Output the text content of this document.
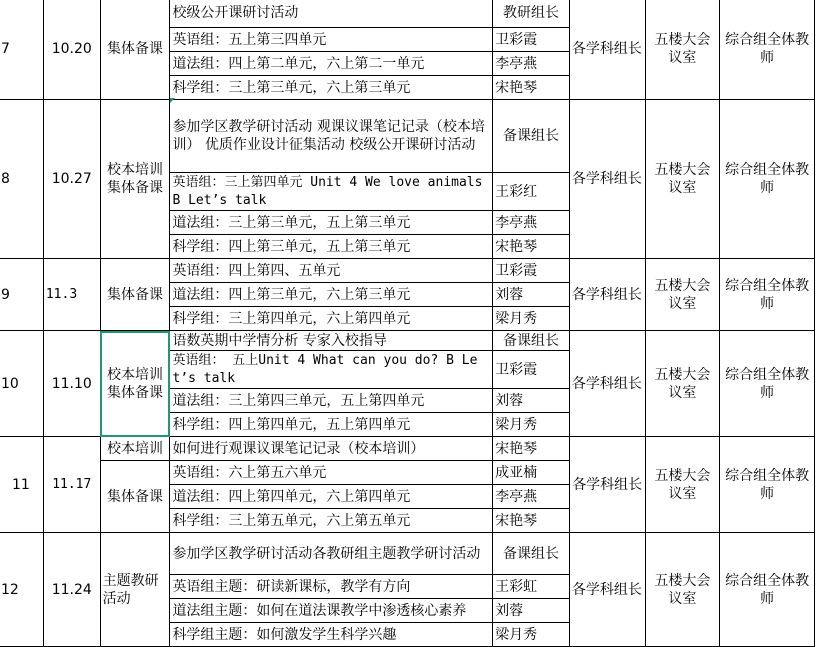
7	10.20	集体备课	校级公开课研讨活动	教研组长	各学科组长	五楼大会议室	综合组全体教师
			英语组：五上第三四单元	卫彩霞			
			道法组：四上第二单元，六上第二一单元	李亭燕			
			科学组：三上第三单元，六上第三单元	宋艳琴			
8	10.27	校本培训集体备课	参加学区教学研讨活动 观课议课笔记记录（校本培训） 优质作业设计征集活动 校级公开课研讨活动	备课组长	各学科组长	五楼大会议室	综合组全体教师
			英语组：三上第四单元 Unit 4 We love animals B Let’s talk	王彩红			
			道法组：三上第三单元，五上第三单元	李亭燕			
			科学组：四上第三单元，五上第三单元	宋艳琴			
9	11.3	集体备课	英语组：四上第四、五单元	卫彩霞	各学科组长	五楼大会议室	综合组全体教师
			道法组：四上第三单元，六上第三单元	刘蓉			
			科学组：三上第四单元，六上第四单元	梁月秀			
10	11.10	校本培训集体备课	语数英期中学情分析 专家入校指导	备课组长	各学科组长	五楼大会议室	综合组全体教师
			英语组： 五上Unit 4 What can you do? B Let’s talk	卫彩霞			
			道法组：三上第四三单元，五上第四单元	刘蓉			
			科学组：四上第四单元，五上第四单元	梁月秀			
11	11.17	校本培训	如何进行观课议课笔记记录（校本培训）	宋艳琴	各学科组长	五楼大会议室	综合组全体教师
		集体备课	英语组：六上第五六单元	成亚楠			
			道法组：四上第四单元，六上第四单元	李亭燕			
			科学组：三上第五单元，六上第五单元	宋艳琴			
12	11.24	主题教研活动	参加学区教学研讨活动各教研组主题教学研讨活动	备课组长	各学科组长	五楼大会议室	综合组全体教师
			英语组主题：研读新课标，教学有方向	王彩虹			
			道法组主题：如何在道法课教学中渗透核心素养	刘蓉			
			科学组主题：如何激发学生科学兴趣	梁月秀			
